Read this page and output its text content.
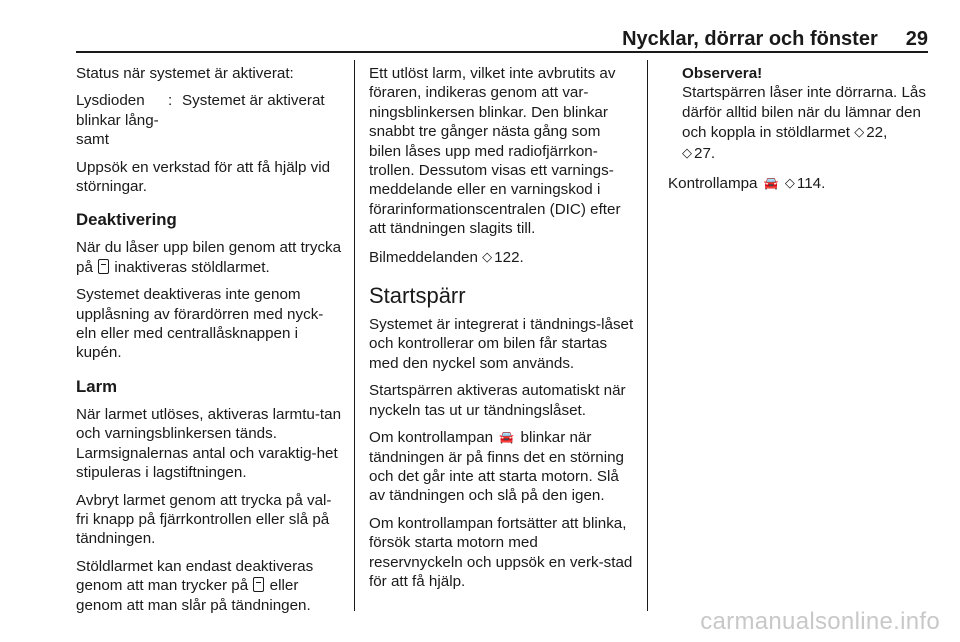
Nycklar, dörrar och fönster 29

Status när systemet är aktiverat:

Lysdioden blinkar lång-samt
: Systemet är aktiverat

Uppsök en verkstad för att få hjälp vid störningar.

Deaktivering

När du låser upp bilen genom att trycka på inaktiveras stöldlarmet.

Systemet deaktiveras inte genom upplåsning av förardörren med nyck-eln eller med centrallåsknappen i kupén.

Larm

När larmet utlöses, aktiveras larmtu-tan och varningsblinkersen tänds. Larmsignalernas antal och varaktig-het stipuleras i lagstiftningen.

Avbryt larmet genom att trycka på val-fri knapp på fjärrkontrollen eller slå på tändningen.

Stöldlarmet kan endast deaktiveras genom att man trycker på eller genom att man slår på tändningen.

Ett utlöst larm, vilket inte avbrutits av föraren, indikeras genom att var-ningsblinkersen blinkar. Den blinkar snabbt tre gånger nästa gång som bilen låses upp med radiofjärrkon-trollen. Dessutom visas ett varnings-meddelande eller en varningskod i förarinformationscentralen (DIC) efter att tändningen slagits till.

Bilmeddelanden ◇ 122.

Startspärr

Systemet är integrerat i tändnings-låset och kontrollerar om bilen får startas med den nyckel som används.

Startspärren aktiveras automatiskt när nyckeln tas ut ur tändningslåset.

Om kontrollampan 🚘 blinkar när tändningen är på finns det en störning och det går inte att starta motorn. Slå av tändningen och slå på den igen.

Om kontrollampan fortsätter att blinka, försök starta motorn med reservnyckeln och uppsök en verk-stad för att få hjälp.

Observera!
Startspärren låser inte dörrarna. Lås därför alltid bilen när du lämnar den och koppla in stöldlarmet ◇ 22,
◇ 27.

Kontrollampa 🚘 ◇ 114.

carmanualsonline.info
